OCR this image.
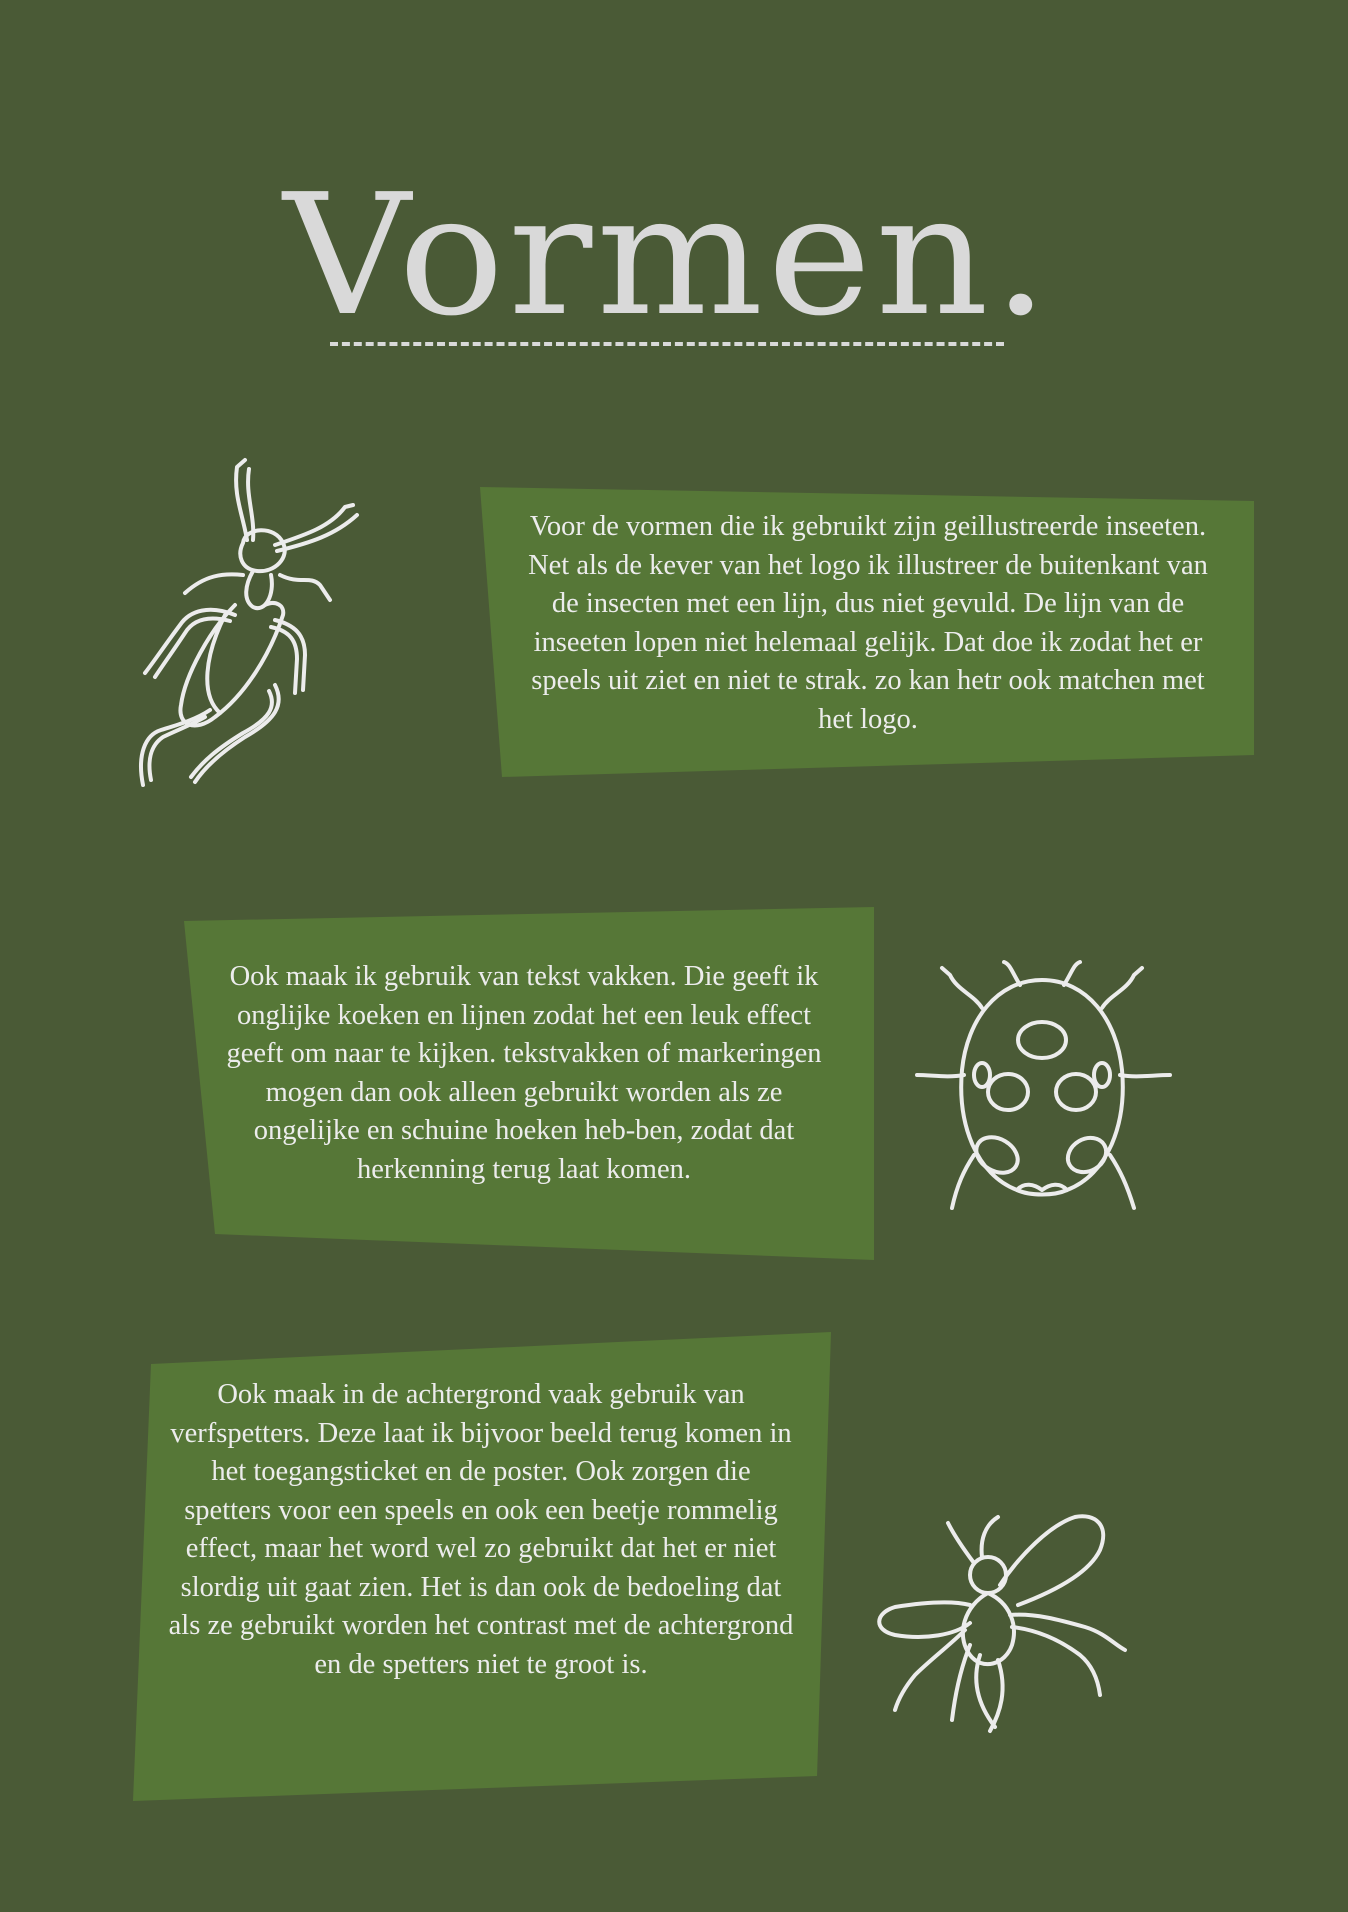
Vormen.

Voor de vormen die ik gebruikt zijn geillustreerde inseeten. Net als de kever van het logo ik illustreer de buitenkant van de insecten met een lijn, dus niet gevuld. De lijn van de inseeten lopen niet helemaal gelijk. Dat doe ik zodat het er speels uit ziet en niet te strak. zo kan hetr ook matchen met het logo.

Ook maak ik gebruik van tekst vakken. Die geeft ik onglijke koeken en lijnen zodat het een leuk effect geeft om naar te kijken. tekstvakken of markeringen mogen dan ook alleen gebruikt worden als ze ongelijke en schuine hoeken heb-ben, zodat dat herkenning terug laat komen.

Ook maak in de achtergrond vaak gebruik van verfspetters. Deze laat ik bijvoor beeld terug komen in het toegangsticket en de poster. Ook zorgen die spetters voor een speels en ook een beetje rommelig effect, maar het word wel zo gebruikt dat het er niet slordig uit gaat zien. Het is dan ook de bedoeling dat als ze gebruikt worden het contrast met de achtergrond en de spetters niet te groot is.
